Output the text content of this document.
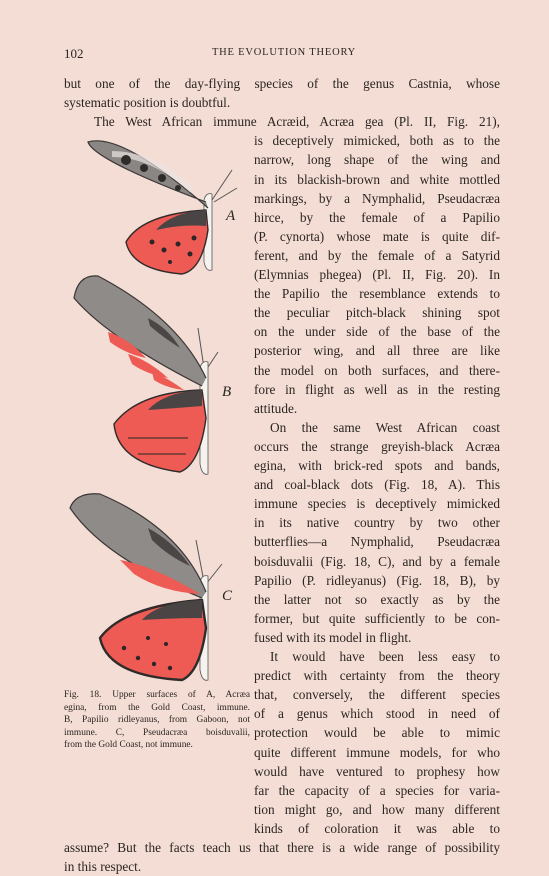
102	THE EVOLUTION THEORY
but one of the day-flying species of the genus Castnia, whose
systematic position is doubtful.
The West African immune Acræid, Acræa gea (Pl. II, Fig. 21),
is deceptively mimicked, both as to the
narrow, long shape of the wing and
in its blackish-brown and white mottled
markings, by a Nymphalid, Pseudacræa
hirce, by the female of a Papilio
(P. cynorta) whose mate is quite dif-
ferent, and by the female of a Satyrid
(Elymnias phegea) (Pl. II, Fig. 20). In
the Papilio the resemblance extends to
the peculiar pitch-black shining spot
on the under side of the base of the
posterior wing, and all three are like
the model on both surfaces, and there-
fore in flight as well as in the resting
attitude.
On the same West African coast
occurs the strange greyish-black Acræa
egina, with brick-red spots and bands,
and coal-black dots (Fig. 18, A). This
immune species is deceptively mimicked
in its native country by two other
butterflies—a Nymphalid, Pseudacræa
boisduvalii (Fig. 18, C), and by a female
Papilio (P. ridleyanus) (Fig. 18, B), by
the latter not so exactly as by the
former, but quite sufficiently to be con-
fused with its model in flight.
It would have been less easy to
predict with certainty from the theory
that, conversely, the different species
of a genus which stood in need of
protection would be able to mimic
quite different immune models, for who
would have ventured to prophesy how
far the capacity of a species for varia-
tion might go, and how many different
kinds of coloration it was able to
assume? But the facts teach us that there is a wide range of possibility
in this respect.
A
B
C
Fig. 18. Upper surfaces of A, Acræa
egina, from the Gold Coast, immune.
B, Papilio ridleyanus, from Gaboon, not
immune. C, Pseudacræa boisduvalii,
from the Gold Coast, not immune.
